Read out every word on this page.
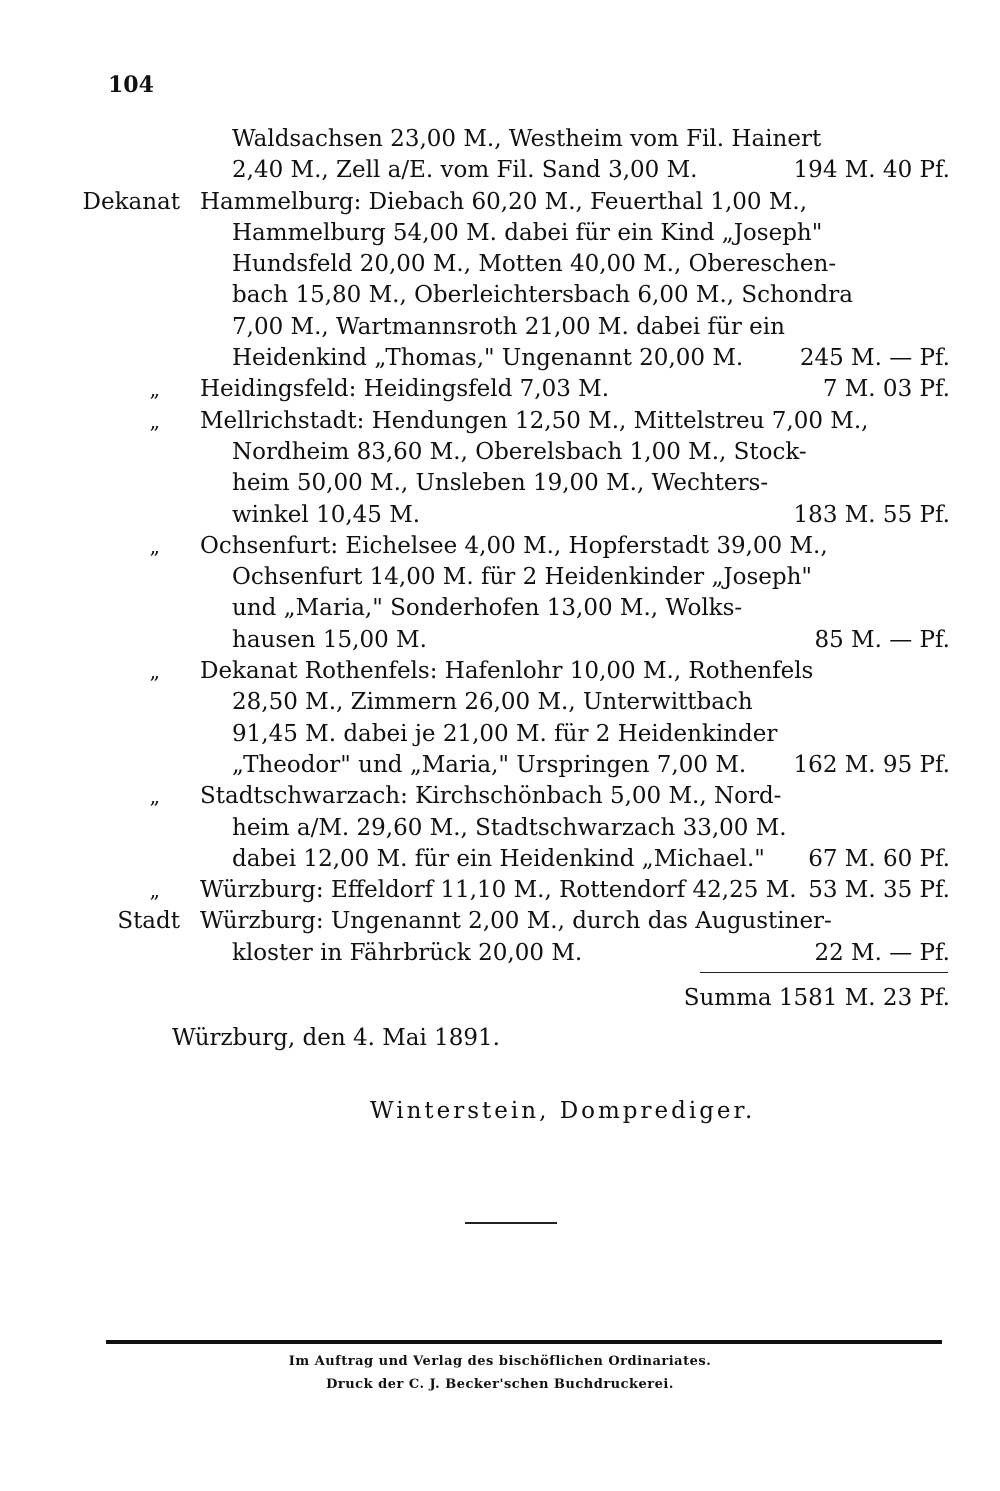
104
Waldsachsen 23,00 M., Westheim vom Fil. Hainert
2,40 M., Zell a/E. vom Fil. Sand 3,00 M.	194 M. 40 Pf.
Dekanat Hammelburg: Diebach 60,20 M., Feuerthal 1,00 M.,
Hammelburg 54,00 M. dabei für ein Kind „Joseph"
Hundsfeld 20,00 M., Motten 40,00 M., Obereschen-
bach 15,80 M., Oberleichtersbach 6,00 M., Schondra
7,00 M., Wartmannsroth 21,00 M. dabei für ein
Heidenkind „Thomas," Ungenannt 20,00 M. 245 M. — Pf.
„ Heidingsfeld: Heidingsfeld 7,03 M.	7 M. 03 Pf.
„ Mellrichstadt: Hendungen 12,50 M., Mittelstreu 7,00 M.,
Nordheim 83,60 M., Oberelsbach 1,00 M., Stock-
heim 50,00 M., Unsleben 19,00 M., Wechters-
winkel 10,45 M.	183 M. 55 Pf.
„ Ochsenfurt: Eichelsee 4,00 M., Hopferstadt 39,00 M.,
Ochsenfurt 14,00 M. für 2 Heidenkinder „Joseph"
und „Maria," Sonderhofen 13,00 M., Wolks-
hausen 15,00 M.	85 M. — Pf.
„ Dekanat Rothenfels: Hafenlohr 10,00 M., Rothenfels
28,50 M., Zimmern 26,00 M., Unterwittbach
91,45 M. dabei je 21,00 M. für 2 Heidenkinder
„Theodor" und „Maria," Urspringen 7,00 M. 162 M. 95 Pf.
„ Stadtschwarzach: Kirchschönbach 5,00 M., Nord-
heim a/M. 29,60 M., Stadtschwarzach 33,00 M.
dabei 12,00 M. für ein Heidenkind „Michael." 67 M. 60 Pf.
„ Würzburg: Effeldorf 11,10 M., Rottendorf 42,25 M. 53 M. 35 Pf.
Stadt Würzburg: Ungenannt 2,00 M., durch das Augustiner-
kloster in Fährbrück 20,00 M.	22 M. — Pf.
Summa 1581 M. 23 Pf.
Würzburg, den 4. Mai 1891.
Winterstein, Domprediger.
Im Auftrag und Verlag des bischöflichen Ordinariates.
Druck der C. J. Becker'schen Buchdruckerei.
